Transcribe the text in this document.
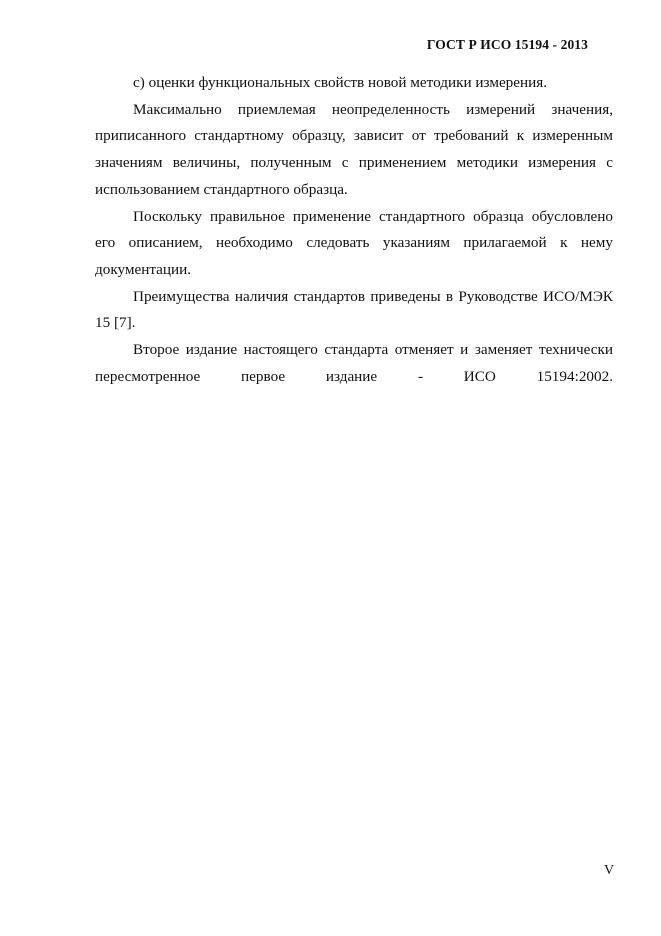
ГОСТ Р ИСО 15194 - 2013

с) оценки функциональных свойств новой методики измерения.

Максимально приемлемая неопределенность измерений значения, приписанного стандартному образцу, зависит от требований к измеренным значениям величины, полученным с применением методики измерения с использованием стандартного образца.

Поскольку правильное применение стандартного образца обусловлено его описанием, необходимо следовать указаниям прилагаемой к нему документации.

Преимущества наличия стандартов приведены в Руководстве ИСО/МЭК 15 [7].

Второе издание настоящего стандарта отменяет и заменяет технически

пересмотренное первое издание - ИСО 15194:2002.
V
